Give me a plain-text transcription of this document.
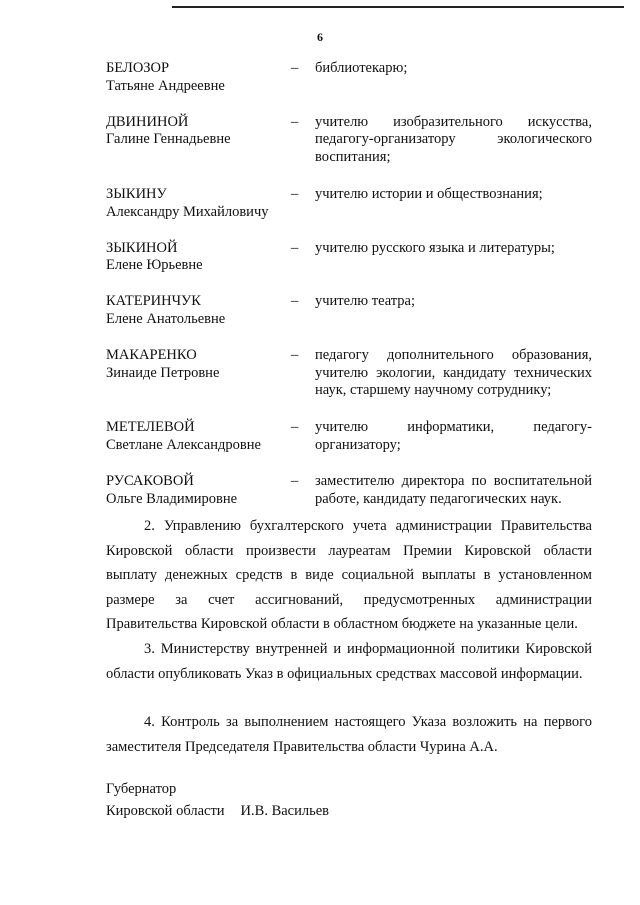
6
БЕЛОЗОР
Татьяне Андреевне
–	библиотекарю;
ДВИНИНОЙ
Галине Геннадьевне
–	учителю изобразительного искусства, педагогу-организатору экологического воспитания;
ЗЫКИНУ
Александру Михайловичу
–	учителю истории и обществознания;
ЗЫКИНОЙ
Елене Юрьевне
–	учителю русского языка и литературы;
КАТЕРИНЧУК
Елене Анатольевне
–	учителю театра;
МАКАРЕНКО
Зинаиде Петровне
–	педагогу дополнительного образования, учителю экологии, кандидату технических наук, старшему научному сотруднику;
МЕТЕЛЕВОЙ
Светлане Александровне
–	учителю информатики, педагогу-организатору;
РУСАКОВОЙ
Ольге Владимировне
–	заместителю директора по воспитательной работе, кандидату педагогических наук.

2. Управлению бухгалтерского учета администрации Правительства Кировской области произвести лауреатам Премии Кировской области выплату денежных средств в виде социальной выплаты в установленном размере за счет ассигнований, предусмотренных администрации Правительства Кировской области в областном бюджете на указанные цели.

3. Министерству внутренней и информационной политики Кировской области опубликовать Указ в официальных средствах массовой информации.

4. Контроль за выполнением настоящего Указа возложить на первого заместителя Председателя Правительства области Чурина А.А.

Губернатор
Кировской области И.В. Васильев
